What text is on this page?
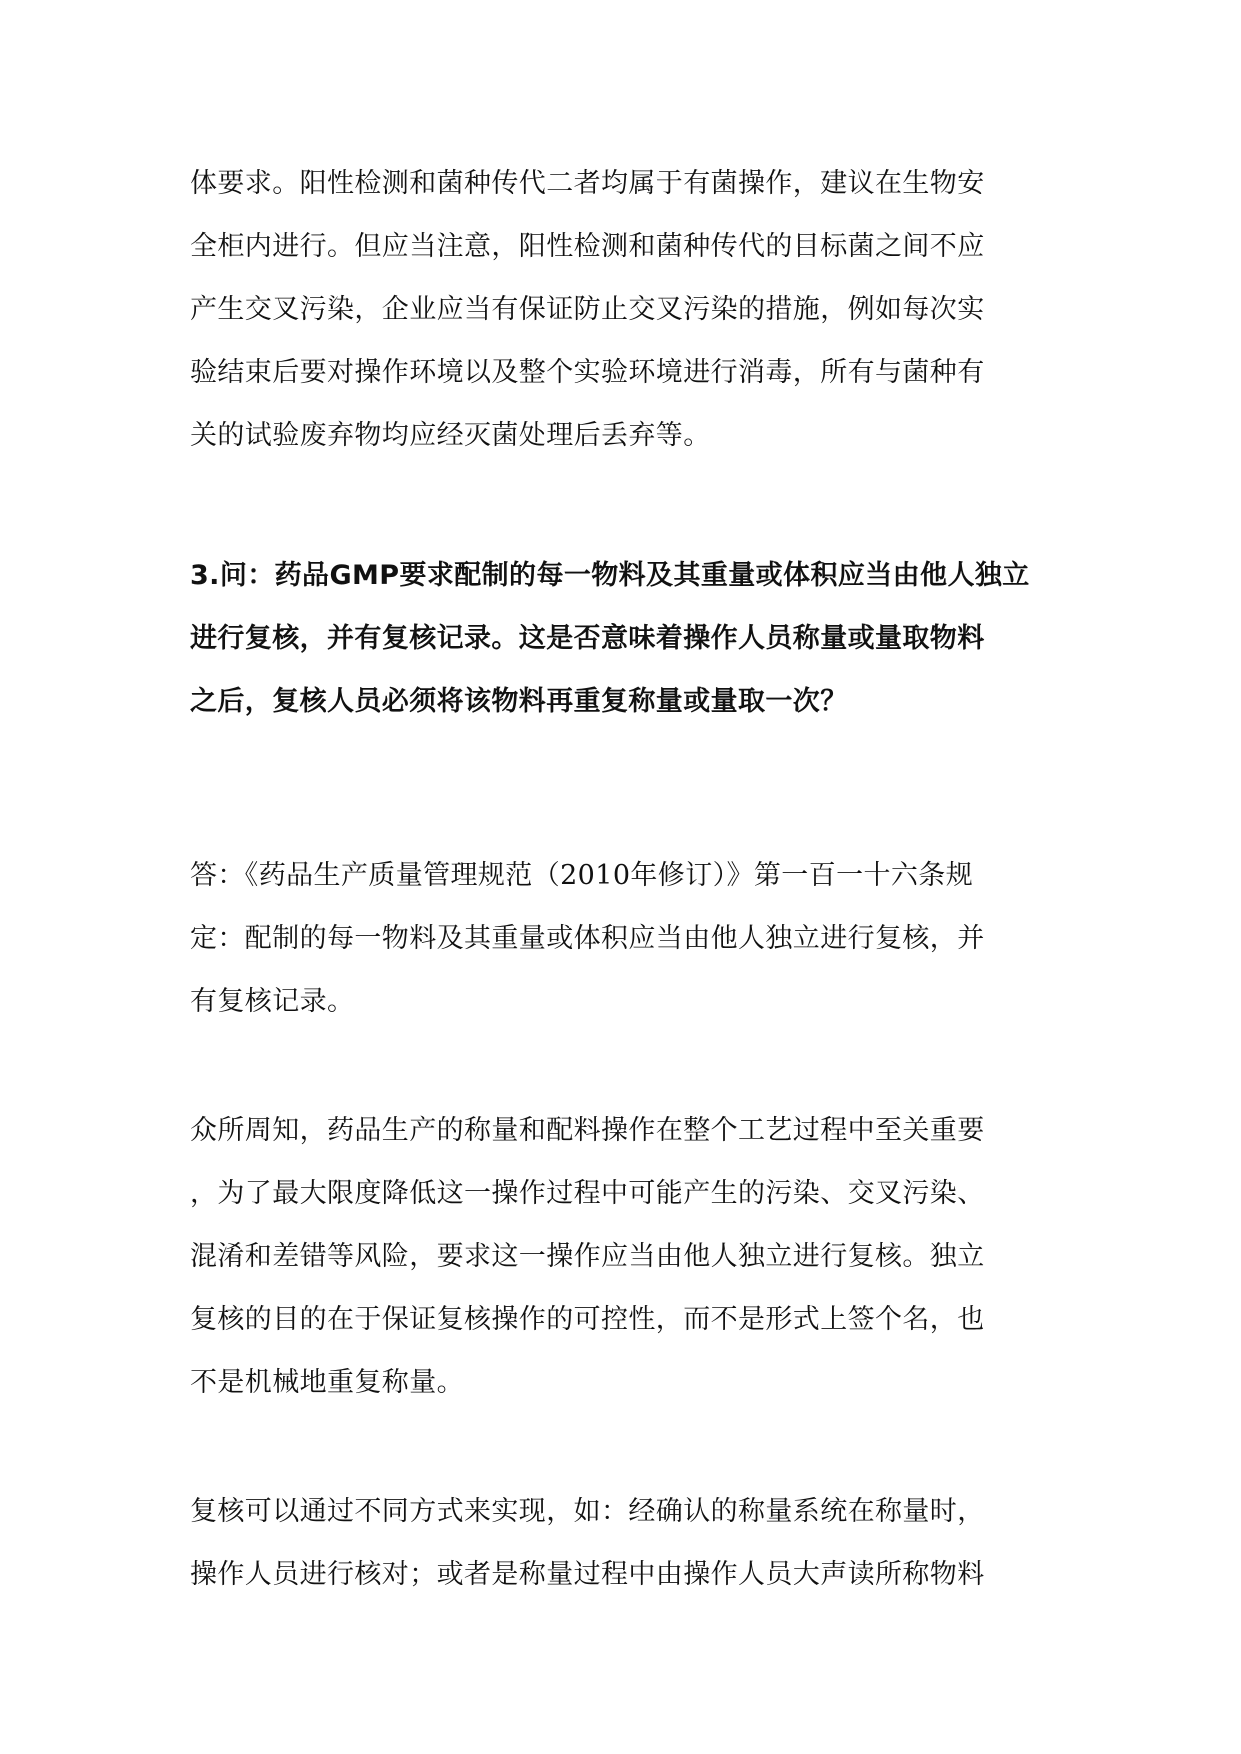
体要求。阳性检测和菌种传代二者均属于有菌操作，建议在生物安

全柜内进行。但应当注意，阳性检测和菌种传代的目标菌之间不应

产生交叉污染，企业应当有保证防止交叉污染的措施，例如每次实

验结束后要对操作环境以及整个实验环境进行消毒，所有与菌种有

关的试验废弃物均应经灭菌处理后丢弃等。

3.问：药品GMP要求配制的每一物料及其重量或体积应当由他人独立

进行复核，并有复核记录。这是否意味着操作人员称量或量取物料

之后，复核人员必须将该物料再重复称量或量取一次？

答：《药品生产质量管理规范（2010年修订）》第一百一十六条规

定：配制的每一物料及其重量或体积应当由他人独立进行复核，并

有复核记录。

众所周知，药品生产的称量和配料操作在整个工艺过程中至关重要

，为了最大限度降低这一操作过程中可能产生的污染、交叉污染、

混淆和差错等风险，要求这一操作应当由他人独立进行复核。独立

复核的目的在于保证复核操作的可控性，而不是形式上签个名，也

不是机械地重复称量。

复核可以通过不同方式来实现，如：经确认的称量系统在称量时，

操作人员进行核对；或者是称量过程中由操作人员大声读所称物料
